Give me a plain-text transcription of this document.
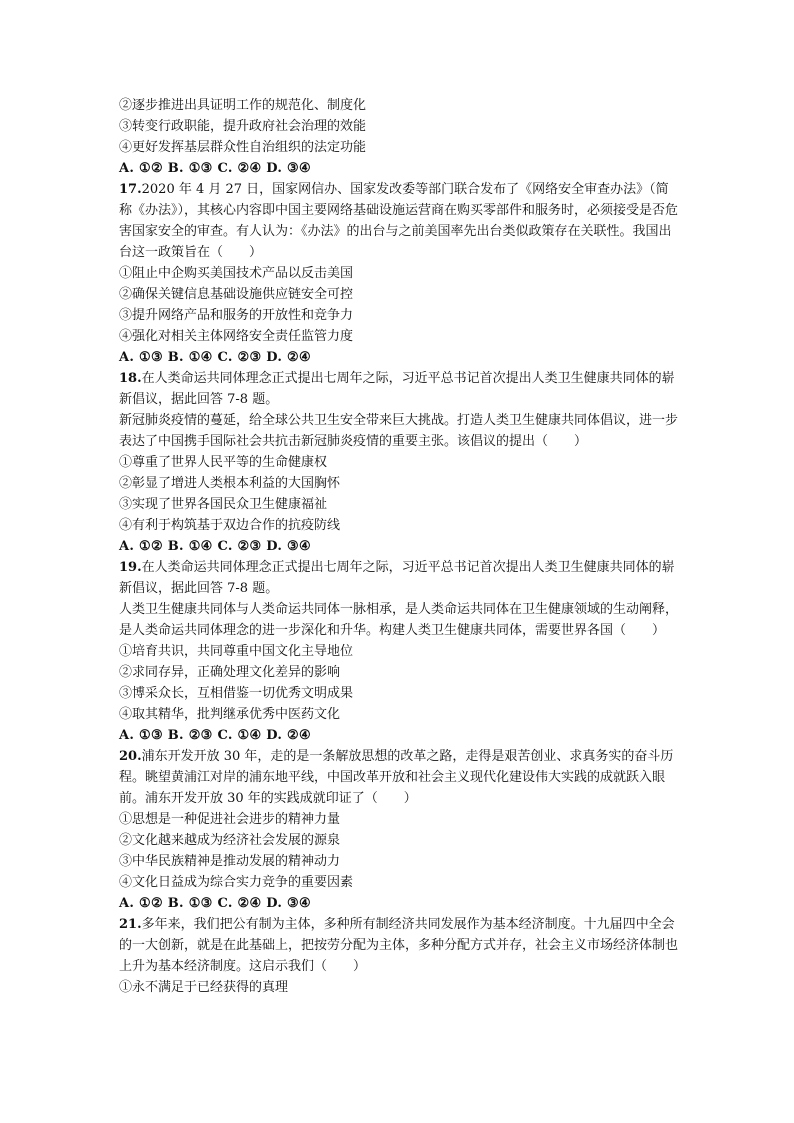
②逐步推进出具证明工作的规范化、制度化
③转变行政职能，提升政府社会治理的效能
④更好发挥基层群众性自治组织的法定功能
A. ①② B. ①③ C. ②④ D. ③④
17.2020 年 4 月 27 日，国家网信办、国家发改委等部门联合发布了《网络安全审查办法》（简称《办法》），其核心内容即中国主要网络基础设施运营商在购买零部件和服务时，必须接受是否危害国家安全的审查。有人认为：《办法》的出台与之前美国率先出台类似政策存在关联性。我国出台这一政策旨在（　　）
①阻止中企购买美国技术产品以反击美国
②确保关键信息基础设施供应链安全可控
③提升网络产品和服务的开放性和竞争力
④强化对相关主体网络安全责任监管力度
A. ①③ B. ①④ C. ②③ D. ②④
18.在人类命运共同体理念正式提出七周年之际，习近平总书记首次提出人类卫生健康共同体的崭新倡议，据此回答 7-8 题。
新冠肺炎疫情的蔓延，给全球公共卫生安全带来巨大挑战。打造人类卫生健康共同体倡议，进一步表达了中国携手国际社会共抗击新冠肺炎疫情的重要主张。该倡议的提出（　　）
①尊重了世界人民平等的生命健康权
②彰显了增进人类根本利益的大国胸怀
③实现了世界各国民众卫生健康福祉
④有利于构筑基于双边合作的抗疫防线
A. ①② B. ①④ C. ②③ D. ③④
19.在人类命运共同体理念正式提出七周年之际，习近平总书记首次提出人类卫生健康共同体的崭新倡议，据此回答 7-8 题。
人类卫生健康共同体与人类命运共同体一脉相承，是人类命运共同体在卫生健康领域的生动阐释，是人类命运共同体理念的进一步深化和升华。构建人类卫生健康共同体，需要世界各国（　　）
①培育共识，共同尊重中国文化主导地位
②求同存异，正确处理文化差异的影响
③博采众长，互相借鉴一切优秀文明成果
④取其精华，批判继承优秀中医药文化
A. ①③ B. ②③ C. ①④ D. ②④
20.浦东开发开放 30 年，走的是一条解放思想的改革之路，走得是艰苦创业、求真务实的奋斗历程。眺望黄浦江对岸的浦东地平线，中国改革开放和社会主义现代化建设伟大实践的成就跃入眼前。浦东开发开放 30 年的实践成就印证了（　　）
①思想是一种促进社会进步的精神力量
②文化越来越成为经济社会发展的源泉
③中华民族精神是推动发展的精神动力
④文化日益成为综合实力竞争的重要因素
A. ①② B. ①③ C. ②④ D. ③④
21.多年来，我们把公有制为主体，多种所有制经济共同发展作为基本经济制度。十九届四中全会的一大创新，就是在此基础上，把按劳分配为主体，多种分配方式并存，社会主义市场经济体制也上升为基本经济制度。这启示我们（　　）
①永不满足于已经获得的真理
